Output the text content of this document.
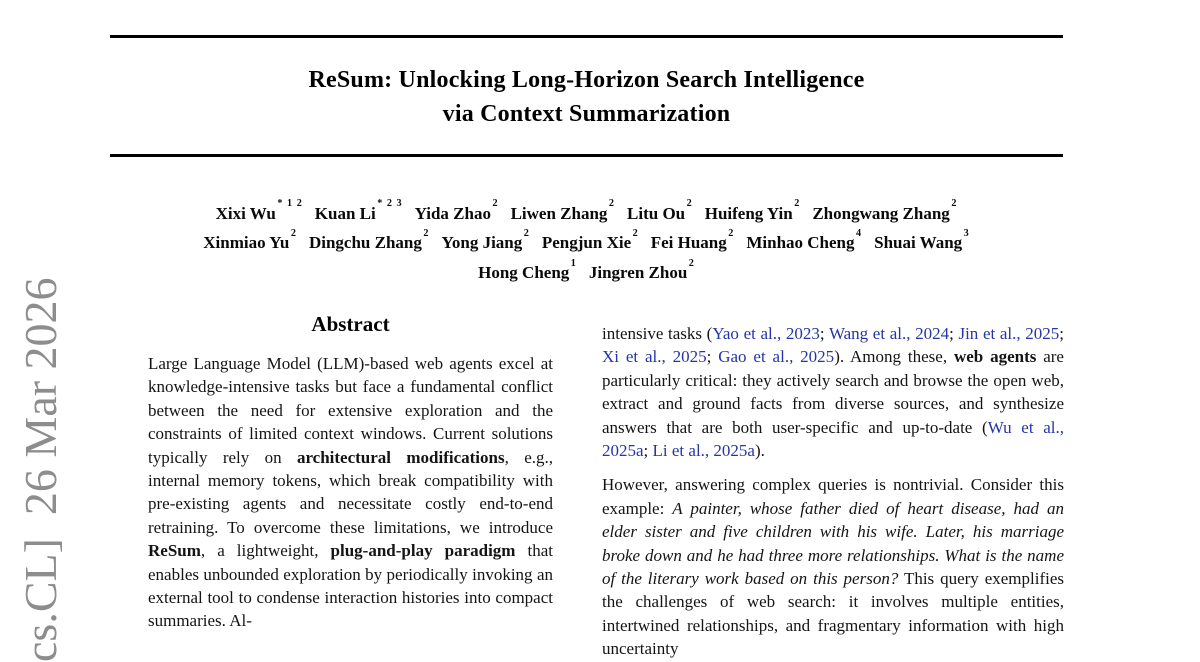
cs.CL]  26 Mar 2026
ReSum: Unlocking Long-Horizon Search Intelligence
via Context Summarization
Xixi Wu $^{* 1 2}$ Kuan Li $^{* 2 3}$ Yida Zhao $^2$ Liwen Zhang $^2$ Litu Ou $^2$ Huifeng Yin $^2$ Zhongwang Zhang $^2$
Xinmiao Yu $^2$ Dingchu Zhang $^2$ Yong Jiang $^2$ Pengjun Xie $^2$ Fei Huang $^2$ Minhao Cheng $^4$ Shuai Wang $^3$
Hong Cheng $^1$ Jingren Zhou $^2$
Abstract
Large Language Model (LLM)-based web agents excel at knowledge-intensive tasks but face a fundamental conflict between the need for extensive exploration and the constraints of limited context windows. Current solutions typically rely on architectural modifications, e.g., internal memory tokens, which break compatibility with pre-existing agents and necessitate costly end-to-end retraining. To overcome these limitations, we introduce ReSum, a lightweight, plug-and-play paradigm that enables unbounded exploration by periodically invoking an external tool to condense interaction histories into compact summaries. Al-

intensive tasks (Yao et al., 2023; Wang et al., 2024; Jin et al., 2025; Xi et al., 2025; Gao et al., 2025). Among these, web agents are particularly critical: they actively search and browse the open web, extract and ground facts from diverse sources, and synthesize answers that are both user-specific and up-to-date (Wu et al., 2025a; Li et al., 2025a).

However, answering complex queries is nontrivial. Consider this example: A painter, whose father died of heart disease, had an elder sister and five children with his wife. Later, his marriage broke down and he had three more relationships. What is the name of the literary work based on this person? This query exemplifies the challenges of web search: it involves multiple entities, intertwined relationships, and fragmentary information with high uncertainty
